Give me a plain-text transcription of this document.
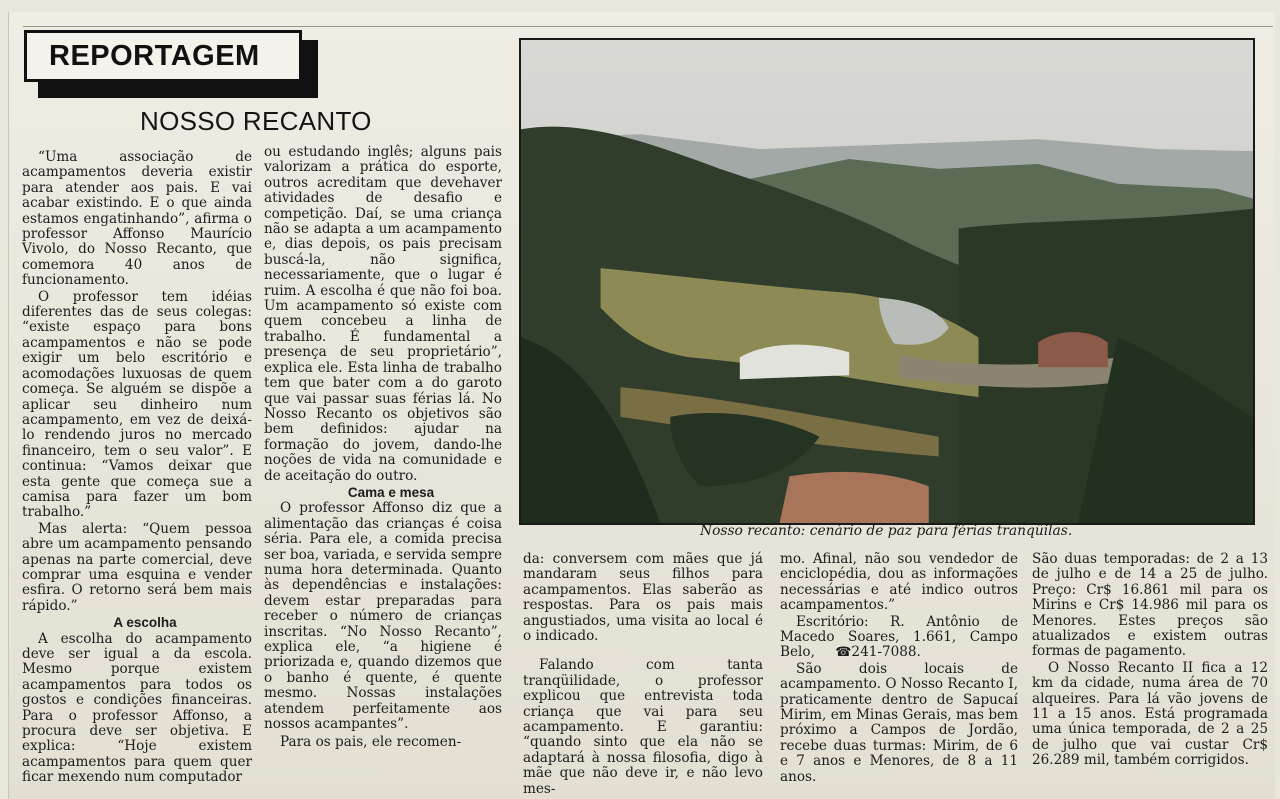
REPORTAGEM
NOSSO RECANTO

“Uma associação de acampamentos deveria existir para atender aos pais. E vai acabar existindo. E o que ainda estamos engatinhando”, afirma o professor Affonso Maurício Vivolo, do Nosso Recanto, que comemora 40 anos de funcionamento.

O professor tem idéias diferentes das de seus colegas: “existe espaço para bons acampamentos e não se pode exigir um belo escritório e acomodações luxuosas de quem começa. Se alguém se dispõe a aplicar seu dinheiro num acampamento, em vez de deixá-lo rendendo juros no mercado financeiro, tem o seu valor”. E continua: “Vamos deixar que esta gente que começa sue a camisa para fazer um bom trabalho.”

Mas alerta: “Quem pessoa abre um acampamento pensando apenas na parte comercial, deve comprar uma esquina e vender esfira. O retorno será bem mais rápido.”

A escolha

A escolha do acampamento deve ser igual a da escola. Mesmo porque existem acampamentos para todos os gostos e condições financeiras. Para o professor Affonso, a procura deve ser objetiva. E explica: “Hoje existem acampamentos para quem quer ficar mexendo num computador

ou estudando inglês; alguns pais valorizam a prática do esporte, outros acreditam que devehaver atividades de desafio e competição. Daí, se uma criança não se adapta a um acampamento e, dias depois, os pais precisam buscá-la, não significa, necessariamente, que o lugar é ruim. A escolha é que não foi boa. Um acampamento só existe com quem concebeu a linha de trabalho. É fundamental a presença de seu proprietário”, explica ele. Esta linha de trabalho tem que bater com a do garoto que vai passar suas férias lá. No Nosso Recanto os objetivos são bem definidos: ajudar na formação do jovem, dando-lhe noções de vida na comunidade e de aceitação do outro.

Cama e mesa

O professor Affonso diz que a alimentação das crianças é coisa séria. Para ele, a comida precisa ser boa, variada, e servida sempre numa hora determinada. Quanto às dependências e instalações: devem estar preparadas para receber o número de crianças inscritas. “No Nosso Recanto”, explica ele, “a higiene é priorizada e, quando dizemos que o banho é quente, é quente mesmo. Nossas instalações atendem perfeitamente aos nossos acampantes”.

Para os pais, ele recomen-

Nosso recanto: cenário de paz para férias tranqüilas.

da: conversem com mães que já mandaram seus filhos para acampamentos. Elas saberão as respostas. Para os pais mais angustiados, uma visita ao local é o indicado.

Falando com tanta tranqüilidade, o professor explicou que entrevista toda criança que vai para seu acampamento. E garantiu: “quando sinto que ela não se adaptará à nossa filosofia, digo à mãe que não deve ir, e não levo mes-

mo. Afinal, não sou vendedor de enciclopédia, dou as informações necessárias e até indico outros acampamentos.”

Escritório: R. Antônio de Macedo Soares, 1.661, Campo Belo, ☎241-7088.

São dois locais de acampamento. O Nosso Recanto I, praticamente dentro de Sapucaí Mirim, em Minas Gerais, mas bem próximo a Campos de Jordão, recebe duas turmas: Mirim, de 6 e 7 anos e Menores, de 8 a 11 anos.

São duas temporadas: de 2 a 13 de julho e de 14 a 25 de julho. Preço: Cr$ 16.861 mil para os Mirins e Cr$ 14.986 mil para os Menores. Estes preços são atualizados e existem outras formas de pagamento.

O Nosso Recanto II fica a 12 km da cidade, numa área de 70 alqueires. Para lá vão jovens de 11 a 15 anos. Está programada uma única temporada, de 2 a 25 de julho que vai custar Cr$ 26.289 mil, também corrigidos.
